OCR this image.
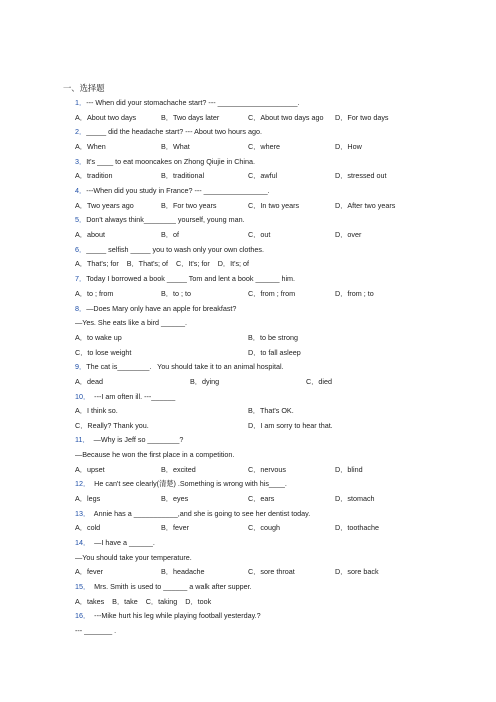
一、选择题
1．--- When did your stomachache start? --- ____________________.
A．About two days	B．Two days later	C．About two days ago D．For two days
2．_____ did the headache start? --- About two hours ago.
A．When	B．What	C．where	D．How
3．It's ____ to eat mooncakes on Zhong Qiujie in China.
A．tradition	B．traditional	C．awful	D．stressed out
4．---When did you study in France? --- ________________.
A．Two years ago	B．For two years	C．In two years	D．After two years
5．Don't always think________ yourself, young man.
A．about	B．of	C．out	D．over
6．_____ selfish _____ you to wash only your own clothes.
A．That's; for    B．That's; of    C．It's; for    D．It's; of
7．Today I borrowed a book _____ Tom and lent a book ______ him.
A．to ; from	B．to ; to	C．from ; from	D．from ; to
8．—Does Mary only have an apple for breakfast?
—Yes. She eats like a bird ______.
A．to wake up	B．to be strong
C．to lose weight	D．to fall asleep
9．The cat is________.   You should take it to an animal hospital.
A．dead	B．dying	C．died
10．  ---I am often ill. ---______
A．I think so.	B．That's OK.
C．Really? Thank you.	D．I am sorry to hear that.
11．  —Why is Jeff so ________?
—Because he won the first place in a competition.
A．upset	B．excited	C．nervous	D．blind
12．  He can't see clearly(清楚) .Something is wrong with his____.
A．legs	B．eyes	C．ears	D．stomach
13．  Annie has a ___________,and she is going to see her dentist today.
A．cold	B．fever	C．cough	D．toothache
14．  —I have a ______.
—You should take your temperature.
A．fever	B．headache	C．sore throat	D．sore back
15．  Mrs. Smith is used to ______ a walk after supper.
A．takes    B．take    C．taking    D．took
16．  ---Mike hurt his leg while playing football yesterday.?
--- _______ .
